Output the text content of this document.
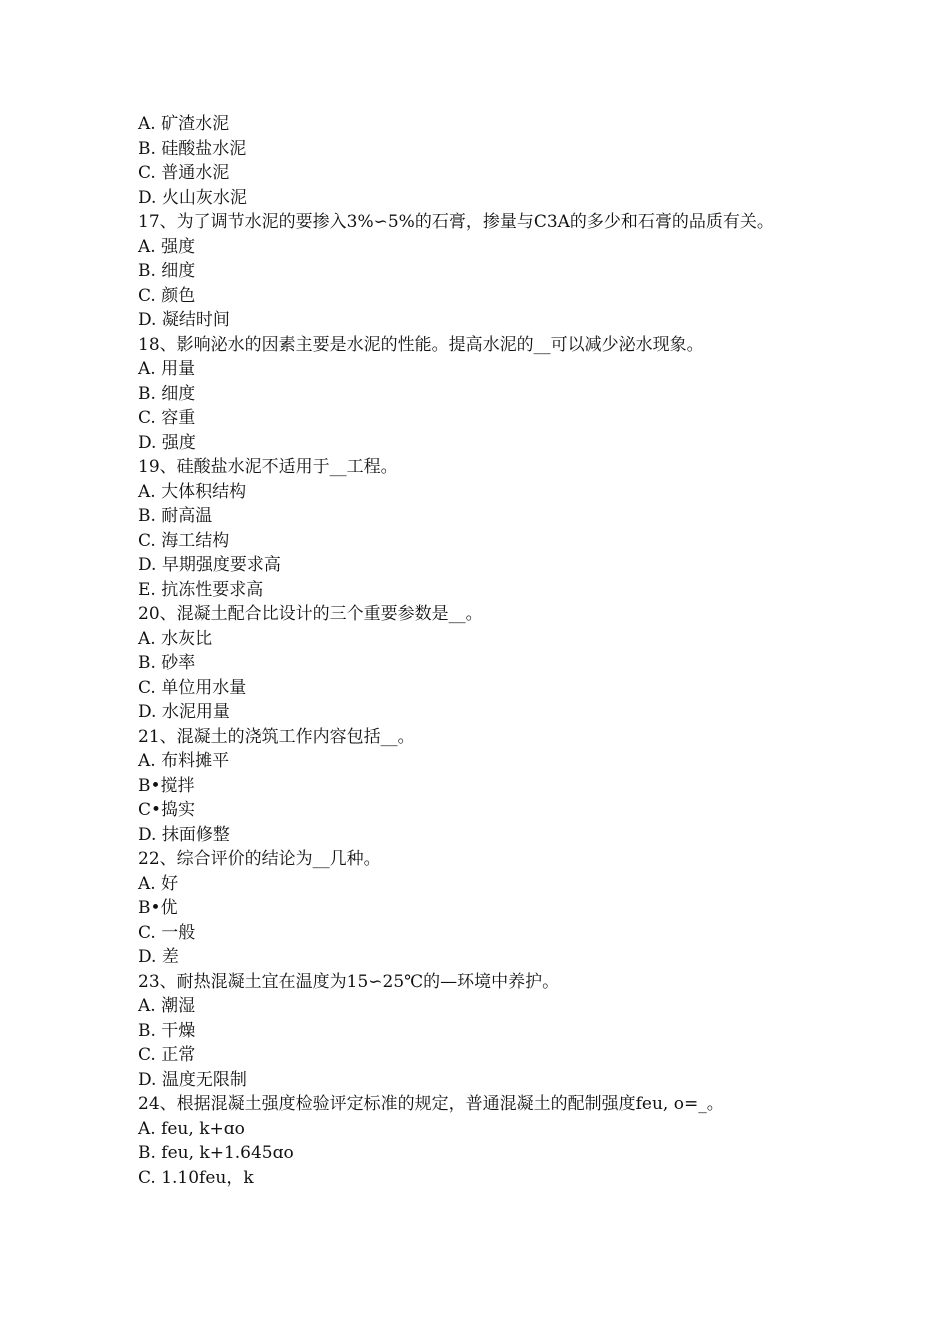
A. 矿渣水泥
B. 硅酸盐水泥
C. 普通水泥
D. 火山灰水泥
17、为了调节水泥的要掺入3%∽5%的石膏，掺量与C3A的多少和石膏的品质有关。
A. 强度
B. 细度
C. 颜色
D. 凝结时间
18、影响泌水的因素主要是水泥的性能。提高水泥的__可以减少泌水现象。
A. 用量
B. 细度
C. 容重
D. 强度
19、硅酸盐水泥不适用于__工程。
A. 大体积结构
B. 耐高温
C. 海工结构
D. 早期强度要求高
E. 抗冻性要求高
20、混凝土配合比设计的三个重要参数是__。
A. 水灰比
B. 砂率
C. 单位用水量
D. 水泥用量
21、混凝土的浇筑工作内容包括__。
A. 布料摊平
B•搅拌
C•捣实
D. 抹面修整
22、综合评价的结论为__几种。
A. 好
B•优
C. 一般
D. 差
23、耐热混凝土宜在温度为15∽25℃的—环境中养护。
A. 潮湿
B. 干燥
C. 正常
D. 温度无限制
24、根据混凝土强度检验评定标准的规定，普通混凝土的配制强度feu, o=_。
A. feu, k+ɑo
B. feu, k+1.645ɑo
C. 1.10feu，k
